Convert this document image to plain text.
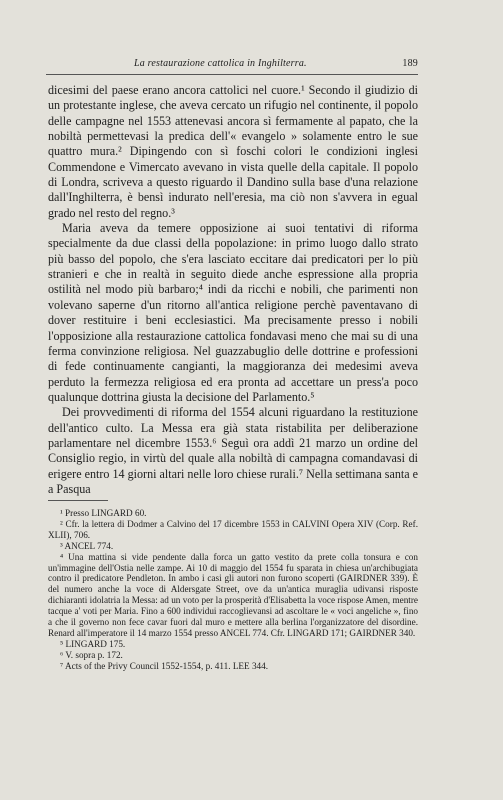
La restaurazione cattolica in Inghilterra.	189

dicesimi del paese erano ancora cattolici nel cuore.¹ Secondo il giudizio di un protestante inglese, che aveva cercato un rifugio nel continente, il popolo delle campagne nel 1553 attenevasi ancora sì fermamente al papato, che la nobiltà permettevasi la predica dell'« evangelo » solamente entro le sue quattro mura.² Dipingendo con sì foschi colori le condizioni inglesi Commendone e Vimercato avevano in vista quelle della capitale. Il popolo di Londra, scriveva a questo riguardo il Dandino sulla base d'una relazione dall'Inghilterra, è bensì indurato nell'eresia, ma ciò non s'avvera in egual grado nel resto del regno.³

Maria aveva da temere opposizione ai suoi tentativi di riforma specialmente da due classi della popolazione: in primo luogo dallo strato più basso del popolo, che s'era lasciato eccitare dai predicatori per lo più stranieri e che in realtà in seguito diede anche espressione alla propria ostilità nel modo più barbaro;⁴ indi da ricchi e nobili, che parimenti non volevano saperne d'un ritorno all'antica religione perchè paventavano di dover restituire i beni ecclesiastici. Ma precisamente presso i nobili l'opposizione alla restaurazione cattolica fondavasi meno che mai su di una ferma convinzione religiosa. Nel guazzabuglio delle dottrine e professioni di fede continuamente cangianti, la maggioranza dei medesimi aveva perduto la fermezza religiosa ed era pronta ad accettare un press'a poco qualunque dottrina giusta la decisione del Parlamento.⁵

Dei provvedimenti di riforma del 1554 alcuni riguardano la restituzione dell'antico culto. La Messa era già stata ristabilita per deliberazione parlamentare nel dicembre 1553.⁶ Seguì ora addì 21 marzo un ordine del Consiglio regio, in virtù del quale alla nobiltà di campagna comandavasi di erigere entro 14 giorni altari nelle loro chiese rurali.⁷ Nella settimana santa e a Pasqua

¹ Presso LINGARD 60.

² Cfr. la lettera di Dodmer a Calvino del 17 dicembre 1553 in CALVINI Opera XIV (Corp. Ref. XLII), 706.

³ ANCEL 774.

⁴ Una mattina si vide pendente dalla forca un gatto vestito da prete colla tonsura e con un'immagine dell'Ostia nelle zampe. Ai 10 di maggio del 1554 fu sparata in chiesa un'archibugiata contro il predicatore Pendleton. In ambo i casi gli autori non furono scoperti (GAIRDNER 339). È del numero anche la voce di Aldersgate Street, ove da un'antica muraglia udivansi risposte dichiaranti idolatria la Messa: ad un voto per la prosperità d'Elisabetta la voce rispose Amen, mentre tacque a' voti per Maria. Fino a 600 individui raccoglievansi ad ascoltare le « voci angeliche », fino a che il governo non fece cavar fuori dal muro e mettere alla berlina l'organizzatore del disordine. Renard all'imperatore il 14 marzo 1554 presso ANCEL 774. Cfr. LINGARD 171; GAIRDNER 340.

⁵ LINGARD 175.

⁶ V. sopra p. 172.

⁷ Acts of the Privy Council 1552-1554, p. 411. LEE 344.
